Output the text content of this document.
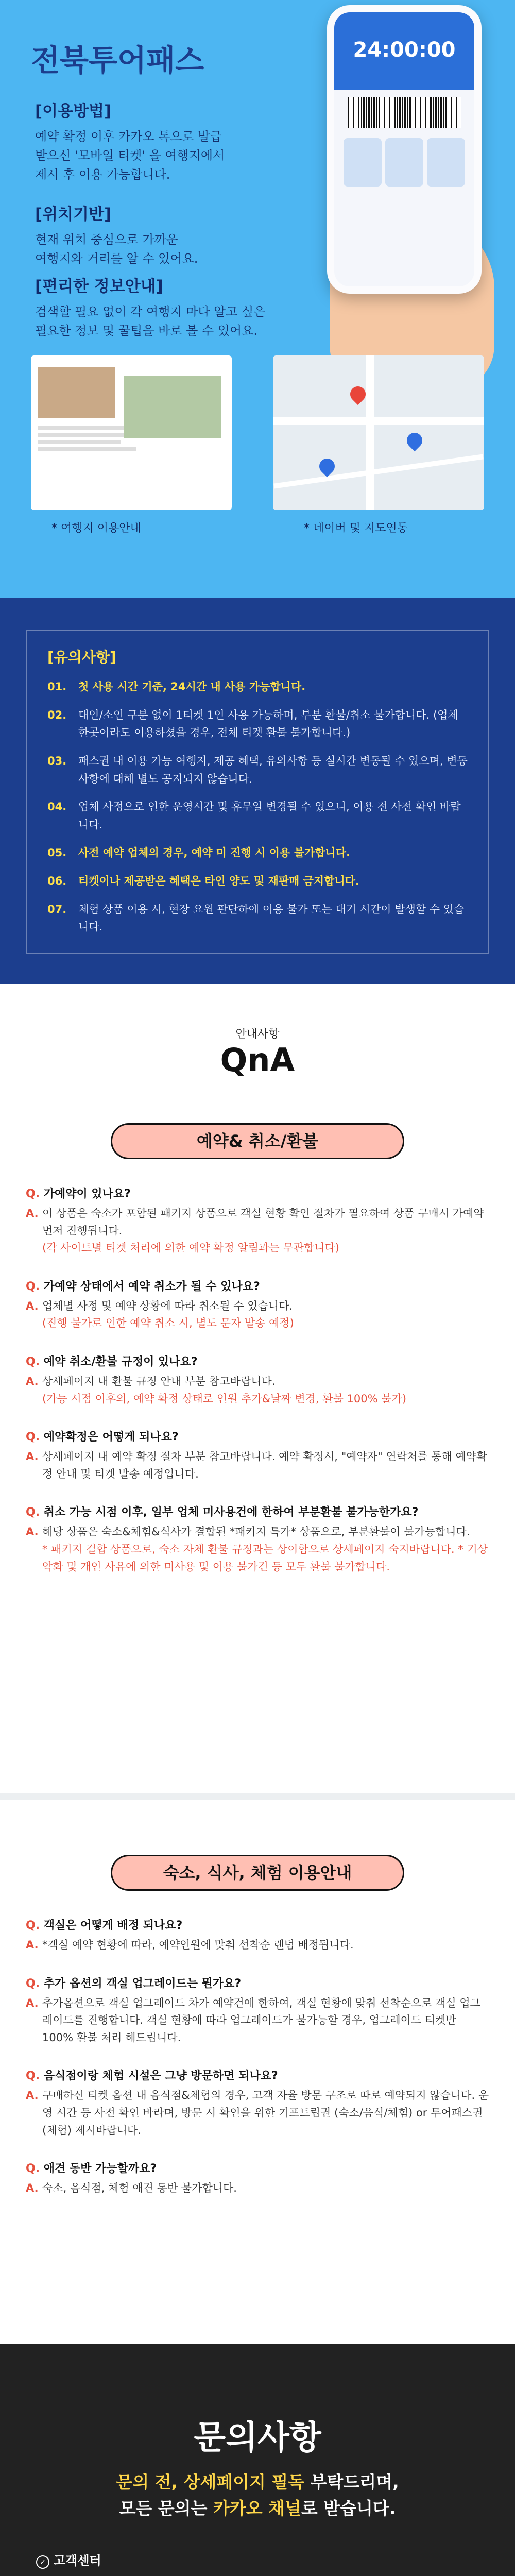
전북투어패스
[이용방법]
예약 확정 이후 카카오 톡으로 발급
받으신 '모바일 티켓' 을 여행지에서
제시 후 이용 가능합니다.
[위치기반]
현재 위치 중심으로 가까운
여행지와 거리를 알 수 있어요.
[편리한 정보안내]
검색할 필요 없이 각 여행지 마다 알고 싶은
필요한 정보 및 꿀팁을 바로 볼 수 있어요.
24:00:00
* 여행지 이용안내	* 네이버 및 지도연동
[유의사항]
01.	첫 사용 시간 기준, 24시간 내 사용 가능합니다.
02.	대인/소인 구분 없이 1티켓 1인 사용 가능하며, 부분 환불/취소 불가합니다. (업체 한곳이라도 이용하셨을 경우, 전체 티켓 환불 불가합니다.)
03.	패스권 내 이용 가능 여행지, 제공 혜택, 유의사항 등 실시간 변동될 수 있으며, 변동 사항에 대해 별도 공지되지 않습니다.
04.	업체 사정으로 인한 운영시간 및 휴무일 변경될 수 있으니, 이용 전 사전 확인 바랍니다.
05.	사전 예약 업체의 경우, 예약 미 진행 시 이용 불가합니다.
06.	티켓이나 제공받은 혜택은 타인 양도 및 재판매 금지합니다.
07.	체험 상품 이용 시, 현장 요원 판단하에 이용 불가 또는 대기 시간이 발생할 수 있습니다.
안내사항
QnA
예약& 취소/환불
Q. 가예약이 있나요?
A. 이 상품은 숙소가 포함된 패키지 상품으로 객실 현황 확인 절차가 필요하여 상품 구매시 가예약 먼저 진행됩니다.
(각 사이트별 티켓 처리에 의한 예약 확정 알림과는 무관합니다)
Q. 가예약 상태에서 예약 취소가 될 수 있나요?
A. 업체별 사정 및 예약 상황에 따라 취소될 수 있습니다.
(진행 불가로 인한 예약 취소 시, 별도 문자 발송 예정)
Q. 예약 취소/환불 규정이 있나요?
A. 상세페이지 내 환불 규정 안내 부분 참고바랍니다.
(가능 시점 이후의, 예약 확정 상태로 인원 추가&날짜 변경, 환불 100% 불가)
Q. 예약확정은 어떻게 되나요?
A. 상세페이지 내 예약 확정 절차 부분 참고바랍니다. 예약 확정시, "예약자" 연락처를 통해 예약확정 안내 및 티켓 발송 예정입니다.
Q. 취소 가능 시점 이후, 일부 업체 미사용건에 한하여 부분환불 불가능한가요?
A. 해당 상품은 숙소&체험&식사가 결합된 *패키지 특가* 상품으로, 부분환불이 불가능합니다.
* 패키지 결합 상품으로, 숙소 자체 환불 규정과는 상이함으로 상세페이지 숙지바랍니다. * 기상악화 및 개인 사유에 의한 미사용 및 이용 불가건 등 모두 환불 불가합니다.
숙소, 식사, 체험 이용안내
Q. 객실은 어떻게 배정 되나요?
A. *객실 예약 현황에 따라, 예약인원에 맞춰 선착순 랜덤 배정됩니다.
Q. 추가 옵션의 객실 업그레이드는 뭔가요?
A. 추가옵션으로 객실 업그레이드 차가 예약건에 한하여, 객실 현황에 맞춰 선착순으로 객실 업그레이드를 진행합니다. 객실 현황에 따라 업그레이드가 불가능할 경우, 업그레이드 티켓만 100% 환불 처리 해드립니다.
Q. 음식점이랑 체험 시설은 그냥 방문하면 되나요?
A. 구매하신 티켓 옵션 내 음식점&체험의 경우, 고객 자율 방문 구조로 따로 예약되지 않습니다. 운영 시간 등 사전 확인 바라며, 방문 시 확인을 위한 기프트립권 (숙소/음식/체험) or 투어패스권(체험) 제시바랍니다.
Q. 애견 동반 가능할까요?
A. 숙소, 음식점, 체험 애견 동반 불가합니다.
문의사항
문의 전, 상세페이지 필독 부탁드리며,
모든 문의는 카카오 채널로 받습니다.
✓ 고객센터
